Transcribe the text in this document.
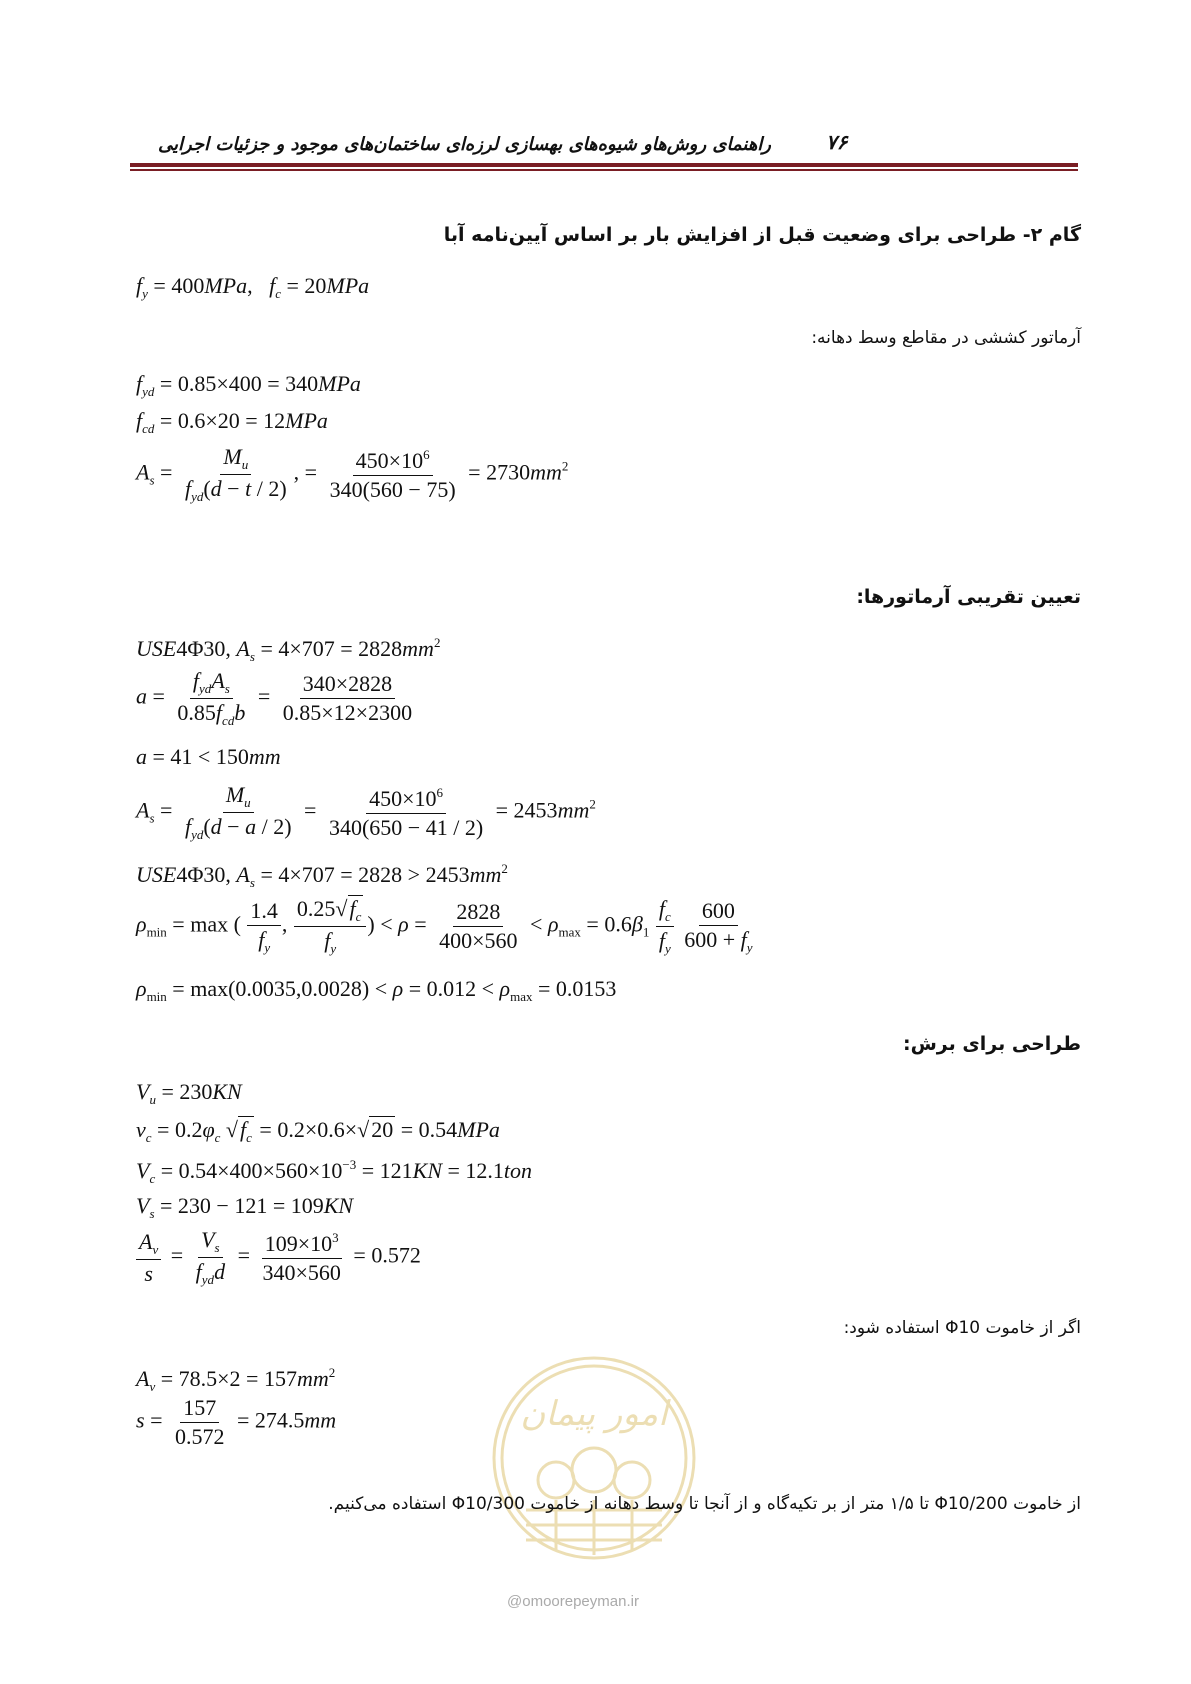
راهنمای روش‌هاو شیوه‌های بهسازی لرزه‌ای ساختمان‌های موجود و جزئیات اجرایی	۷۶
گام ۲- طراحی برای وضعیت قبل از افزایش بار بر اساس آیین‌نامه آبا
$f_y = 400MPa$,   $f_c = 20MPa$
آرماتور کششی در مقاطع وسط دهانه:
$f_{yd} = 0.85\times 400 = 340MPa$
$f_{cd} = 0.6\times 20 = 12MPa$
$A_s$ =
$M_u$
$f_{yd}(d - t / 2)$
, = $\frac{450\times 10^6}{340(560 - 75)} = 2730mm^2$
تعیین تقریبی آرماتورها:
USE4Φ30, $A_s = 4\times 707 = 2828mm^2$
a =
$f_{yd}A_s$
$0.85f_{cd}b$
= $\frac{340\times 2828}{0.85\times 12\times 2300}$
a = 41 < 150mm
$A_s$ =
$M_u$
$f_{yd}(d - a / 2)$
= $\frac{450\times 10^6}{340(650 - 41 / 2)} = 2453mm^2$
USE4Φ30, $A_s = 4\times 707 = 2828 > 2453mm^2$
$\rho_{min} = \max$ ( $\frac{1.4}{f_y}$ , $\frac{0.25√f_c}{f_y}$ ) < $\rho = \frac{2828}{400\times 560} < \rho_{max} = 0.6\beta_1 \frac{f_c}{f_y}$
$\frac{600}{600 + f_y}$
$\rho_{min} = \max(0.0035,0.0028) < \rho = 0.012 < \rho_{max} = 0.0153$
طراحی برای برش:
$V_u = 230KN$
$v_c = 0.2\varphi_c$ $√f_c = 0.2\times 0.6\times√20 = 0.54MPa$
$V_c = 0.54\times 400\times 560\times 10^{-3} = 121KN = 12.1ton$
$V_s = 230 - 121 = 109KN$
$\frac{A_v}{s}$ =
$V_s$
$f_{yd}d$
= $\frac{109\times 10^3}{340\times 560} = 0.572$
اگر از خاموت Φ10 استفاده شود:
$A_v = 78.5\times 2 = 157mm^2$
$s = \frac{157}{0.572} = 274.5mm$	امور پیمان
از خاموت Φ10/200 تا ۱/۵ متر از بر تکیه‌گاه و از آنجا تا وسط دهانه از خاموت Φ10/300 استفاده می‌کنیم.
@omoorepeyman.ir
